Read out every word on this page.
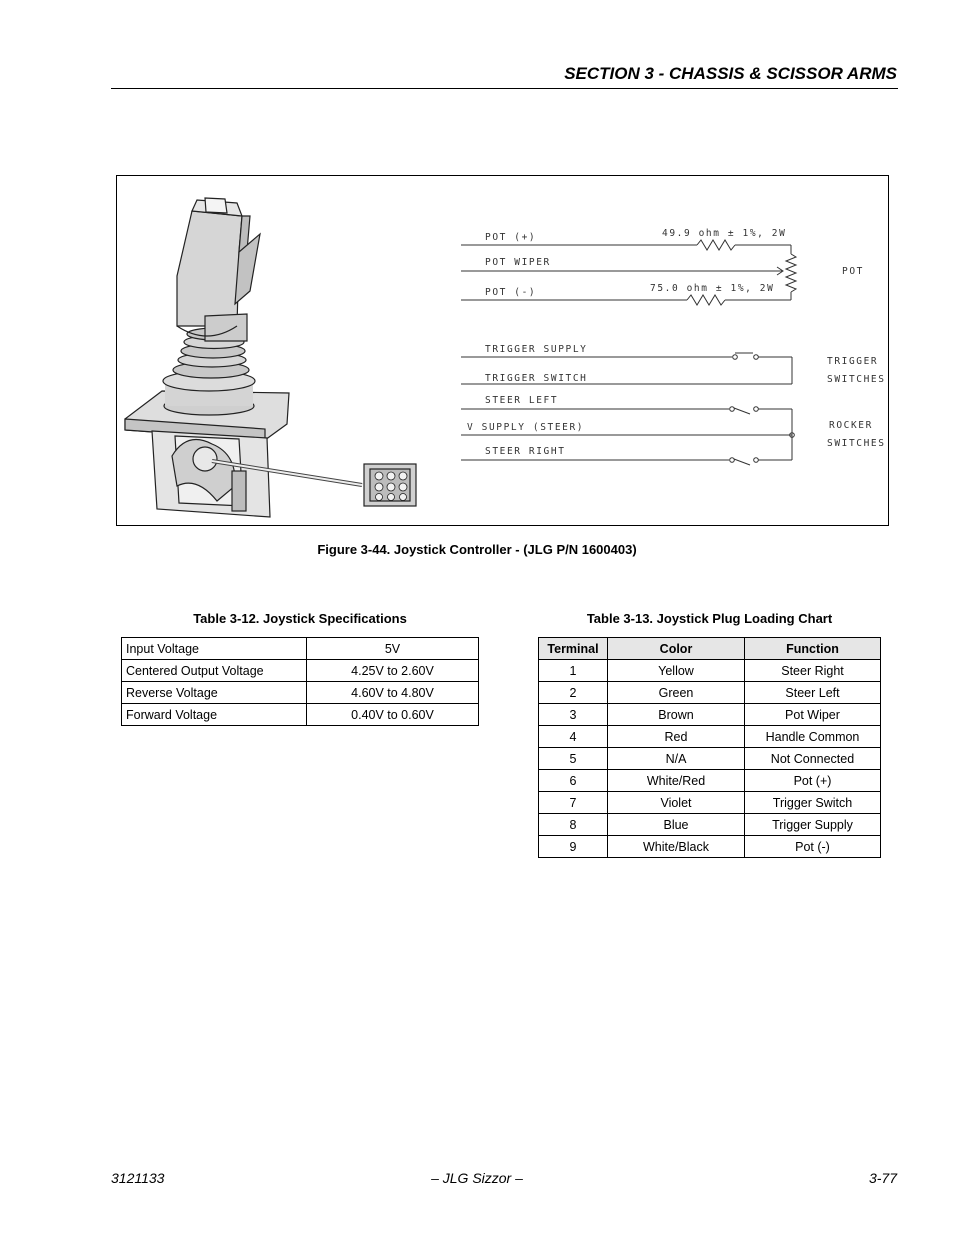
SECTION 3 - CHASSIS & SCISSOR ARMS
POT (+)
POT WIPER
POT (-)
49.9 ohm ± 1%, 2W
75.0 ohm ± 1%, 2W
POT
TRIGGER SUPPLY
TRIGGER SWITCH
TRIGGER
SWITCHES
STEER LEFT
V SUPPLY (STEER)
STEER RIGHT
ROCKER
SWITCHES
Figure 3-44. Joystick Controller - (JLG P/N 1600403)
Table 3-12. Joystick Specifications
Input Voltage	5V
Centered Output Voltage	4.25V to 2.60V
Reverse Voltage	4.60V to 4.80V
Forward Voltage	0.40V to 0.60V
Table 3-13. Joystick Plug Loading Chart
Terminal	Color	Function
1	Yellow	Steer Right
2	Green	Steer Left
3	Brown	Pot Wiper
4	Red	Handle Common
5	N/A	Not Connected
6	White/Red	Pot (+)
7	Violet	Trigger Switch
8	Blue	Trigger Supply
9	White/Black	Pot (-)
3121133	– JLG Sizzor –	3-77
